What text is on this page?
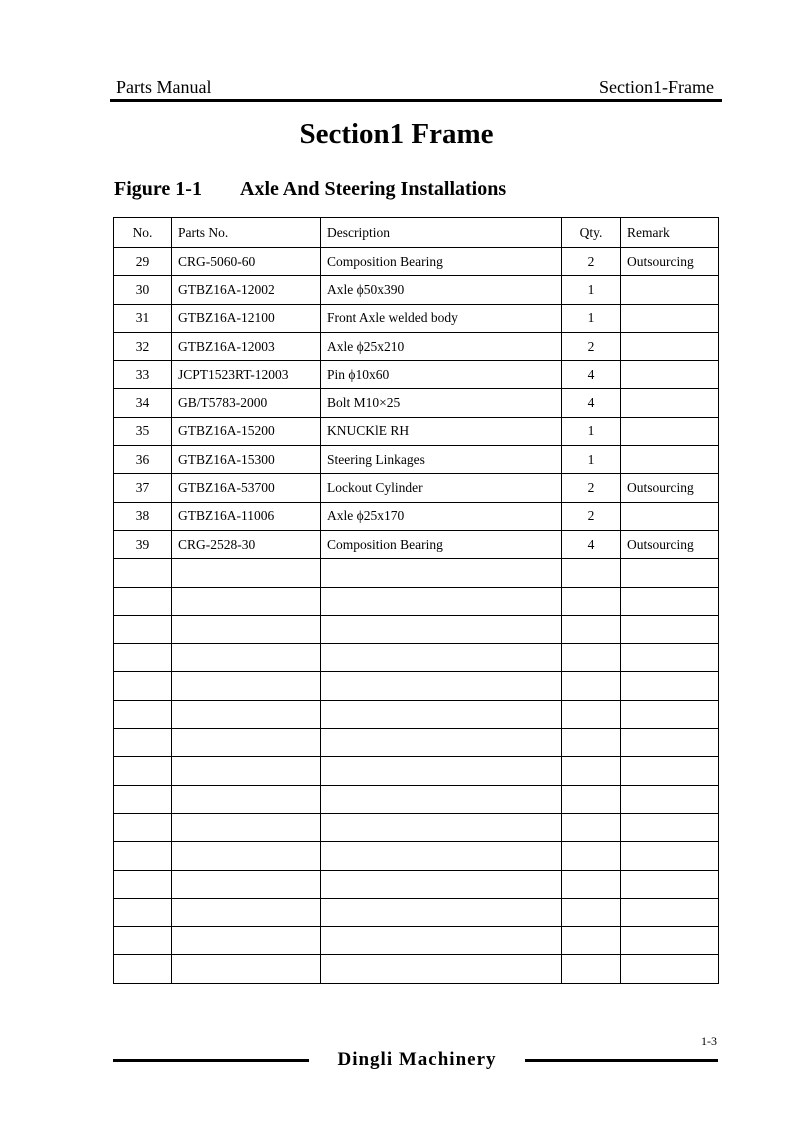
Parts Manual	Section1-Frame
Section1 Frame
Figure 1-1 Axle And Steering Installations
No.	Parts No.	Description	Qty.	Remark
29	CRG-5060-60	Composition Bearing	2	Outsourcing
30	GTBZ16A-12002	Axle ϕ50x390	1	
31	GTBZ16A-12100	Front Axle welded body	1	
32	GTBZ16A-12003	Axle ϕ25x210	2	
33	JCPT1523RT-12003	Pin ϕ10x60	4	
34	GB/T5783-2000	Bolt M10×25	4	
35	GTBZ16A-15200	KNUCKlE RH	1	
36	GTBZ16A-15300	Steering Linkages	1	
37	GTBZ16A-53700	Lockout Cylinder	2	Outsourcing
38	GTBZ16A-11006	Axle ϕ25x170	2	
39	CRG-2528-30	Composition Bearing	4	Outsourcing

1-3
Dingli Machinery
